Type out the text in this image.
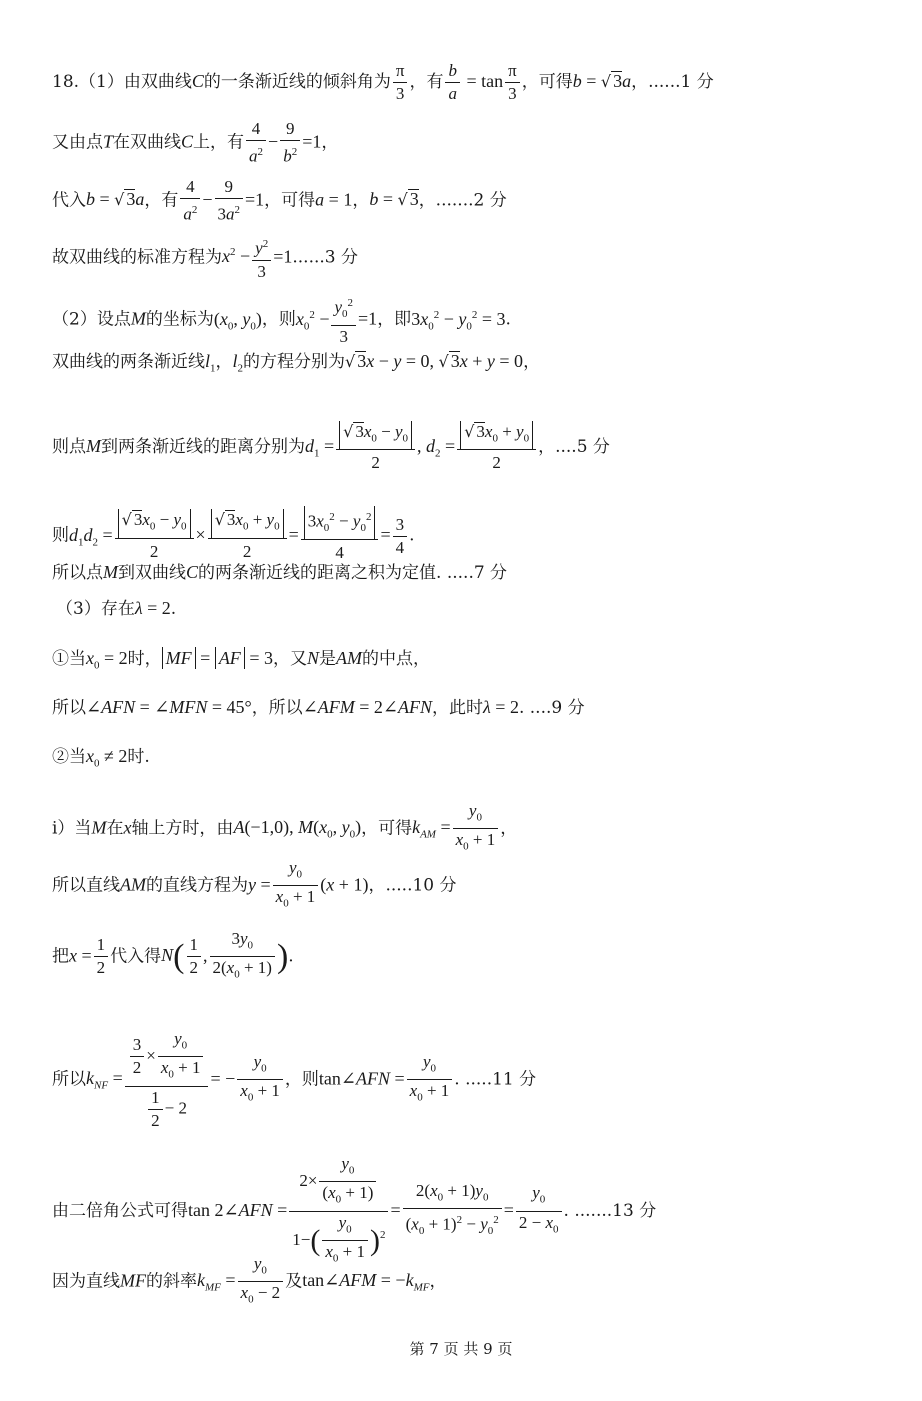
18.（1）由双曲线C的一条渐近线的倾斜角为 $\frac{\pi}{3}$ ，有 $\frac{b}{a} = \tan \frac{\pi}{3}$ ，可得b = √ 3a，......1 分
又由点T在双曲线C上，有 $\frac{4}{a^2} - \frac{9}{b^2} =1$，
代入b = √ 3a，有 $\frac{4}{a^2} - \frac{9}{3a^2} =1$，可得a = 1，b = √ 3，.......2 分
故双曲线的标准方程为$x^2 - \frac{y^2}{3} =1......3$ 分
（2）设点M的坐标为($x_0$, $y_0$)，则$x_0^2 - \frac{y_0^2}{3} =1$，即$3x_0^2 - y_0^2 = 3$.
双曲线的两条渐近线$l_1$，$l_2$的方程分别为√ 3x − y = 0, √ 3x + y = 0，
则点M到两条渐近线的距离分别为$d_1 = \frac{√ 3x_0 - y_0}{2}$ , $d_2 = \frac{√ 3x_0 + y_0}{2}$ ，....5 分
则$d_1d_2 = \frac{√ 3x_0 - y_0}{2} \times \frac{√ 3x_0 + y_0}{2} = \frac{3x_0^2 - y_0^2}{4} = \frac{3}{4}$ .
所以点M到双曲线C的两条渐近线的距离之积为定值. .....7 分
（3）存在λ = 2.
①当$x_0 = 2$时， MF = AF = 3，又N是AM的中点，
所以∠AFN = ∠MFN = 45°，所以∠AFM = 2∠AFN，此时λ = 2. ....9 分
②当$x_0 \ne 2$时.
i）当M在x轴上方时，由A(−1,0), $M(x_0$, $y_0$)，可得$k_{AM} = \frac{y_0}{x_0 + 1}$ ，
所以直线AM的直线方程为$y = \frac{y_0}{x_0 + 1} (x + 1)$，.....10 分
把$x = \frac{1}{2}$ 代入得$N( \frac{1}{2}$ , $\frac{3y_0}{2(x_0 + 1)}$ ).
所以$k_{NF} = \frac{\frac{3}{2} \times \frac{y_0}{x_0 + 1}}{\frac{1}{2} - 2}$ = − $\frac{y_0}{x_0 + 1}$ ，则tan∠AFN = $\frac{y_0}{x_0 + 1}$ . .....11 分
由二倍角公式可得tan 2∠AFN = $\frac{2\times \frac{y_0}{(x_0 + 1)}}{1-( \frac{y_0}{x_0 + 1} )^2} = \frac{2(x_0 + 1)y_0}{(x_0 + 1)^2 - y_0^2} = \frac{y_0}{2 - x_0}$ . .......13 分
因为直线MF的斜率$k_{MF} = \frac{y_0}{x_0 - 2}$ 及tan∠AFM = $-k_{MF}$，
第 7 页 共 9 页
